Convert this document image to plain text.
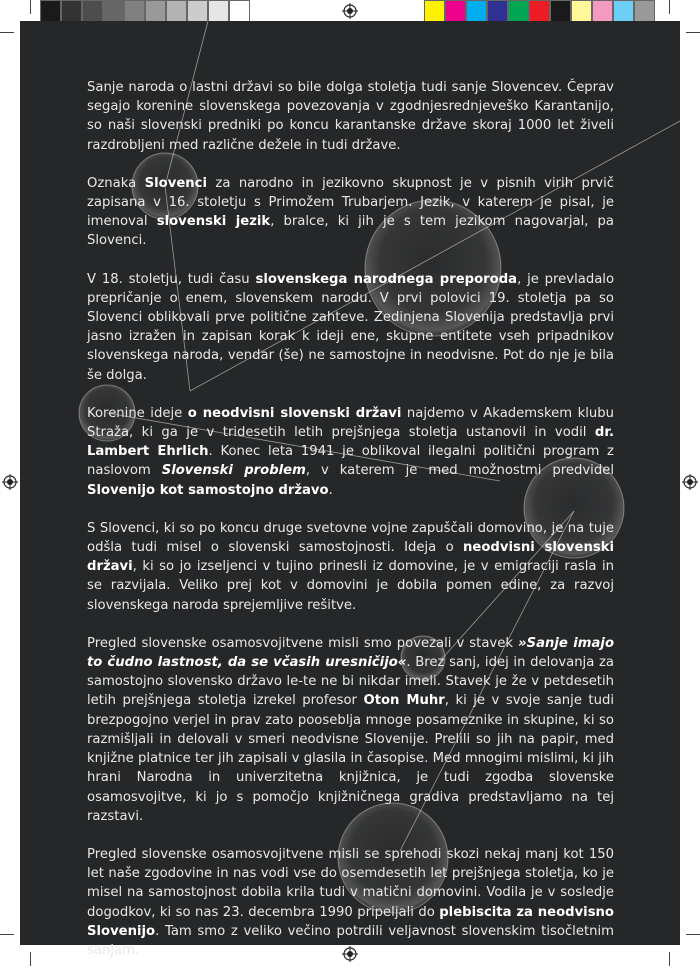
Sanje naroda o lastni državi so bile dolga stoletja tudi sanje Slovencev. Čeprav segajo korenine slovenskega povezovanja v zgodnjesrednjeveško Karantanijo, so naši slovenski predniki po koncu karantanske države skoraj 1000 let živeli razdrobljeni med različne dežele in tudi države.

Oznaka Slovenci za narodno in jezikovno skupnost je v pisnih virih prvič zapisana v 16. stoletju s Primožem Trubarjem. Jezik, v katerem je pisal, je imenoval slovenski jezik, bralce, ki jih je s tem jezikom nagovarjal, pa Slovenci.

V 18. stoletju, tudi času slovenskega narodnega preporoda, je prevladalo prepričanje o enem, slovenskem narodu. V prvi polovici 19. stoletja pa so Slovenci oblikovali prve politične zahteve. Zedinjena Slovenija predstavlja prvi jasno izražen in zapisan korak k ideji ene, skupne entitete vseh pripadnikov slovenskega naroda, vendar (še) ne samostojne in neodvisne. Pot do nje je bila še dolga.

Korenine ideje o neodvisni slovenski državi najdemo v Akademskem klubu Straža, ki ga je v tridesetih letih prejšnjega stoletja ustanovil in vodil dr. Lambert Ehrlich. Konec leta 1941 je oblikoval ilegalni politični program z naslovom Slovenski problem, v katerem je med možnostmi predvidel Slovenijo kot samostojno državo.

S Slovenci, ki so po koncu druge svetovne vojne zapuščali domovino, je na tuje odšla tudi misel o slovenski samostojnosti. Ideja o neodvisni slovenski državi, ki so jo izseljenci v tujino prinesli iz domovine, je v emigraciji rasla in se razvijala. Veliko prej kot v domovini je dobila pomen edine, za razvoj slovenskega naroda sprejemljive rešitve.

Pregled slovenske osamosvojitvene misli smo povezali v stavek »Sanje imajo to čudno lastnost, da se včasih uresničijo«. Brez sanj, idej in delovanja za samostojno slovensko državo le-te ne bi nikdar imeli. Stavek je že v petdesetih letih prejšnjega stoletja izrekel profesor Oton Muhr, ki je v svoje sanje tudi brezpogojno verjel in prav zato pooseblja mnoge posameznike in skupine, ki so razmišljali in delovali v smeri neodvisne Slovenije. Prelili so jih na papir, med knjižne platnice ter jih zapisali v glasila in časopise. Med mnogimi mislimi, ki jih hrani Narodna in univerzitetna knjižnica, je tudi zgodba slovenske osamosvojitve, ki jo s pomočjo knjižničnega gradiva predstavljamo na tej razstavi.

Pregled slovenske osamosvojitvene misli se sprehodi skozi nekaj manj kot 150 let naše zgodovine in nas vodi vse do osemdesetih let prejšnjega stoletja, ko je misel na samostojnost dobila krila tudi v matični domovini. Vodila je v sosledje dogodkov, ki so nas 23. decembra 1990 pripeljali do plebiscita za neodvisno Slovenijo. Tam smo z veliko večino potrdili veljavnost slovenskim tisočletnim sanjam.
